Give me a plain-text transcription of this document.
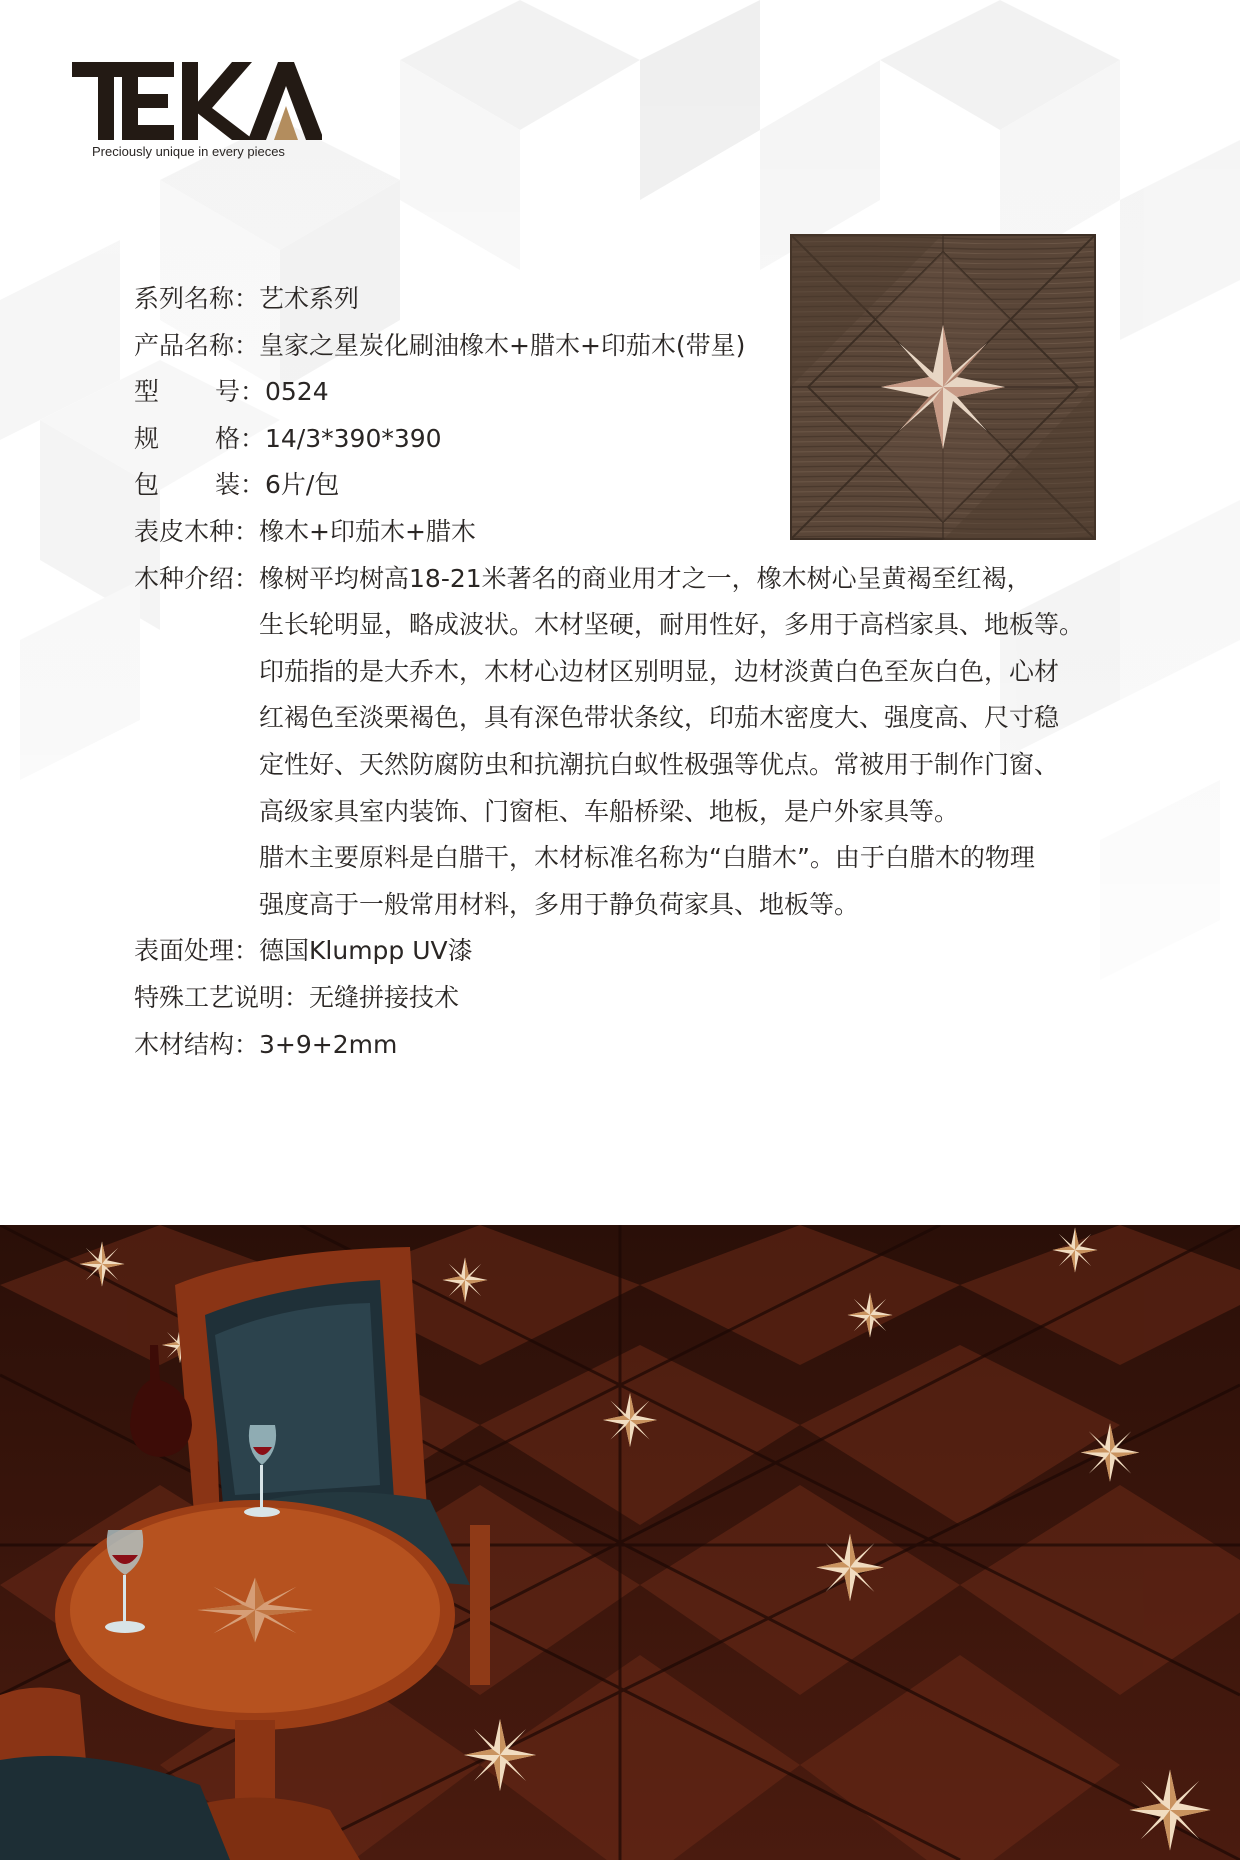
Preciously unique in every pieces
系列名称： 艺术系列
产品名称： 皇家之星炭化刷油橡木+腊木+印茄木(带星)
型 号： 0524
规 格： 14/3*390*390
包 装： 6片/包
表皮木种： 橡木+印茄木+腊木
木种介绍： 橡树平均树高18-21米著名的商业用才之一，橡木树心呈黄褐至红褐，
生长轮明显，略成波状。木材坚硬，耐用性好，多用于高档家具、地板等。
印茄指的是大乔木，木材心边材区别明显，边材淡黄白色至灰白色，心材
红褐色至淡栗褐色，具有深色带状条纹，印茄木密度大、强度高、尺寸稳
定性好、天然防腐防虫和抗潮抗白蚁性极强等优点。常被用于制作门窗、
高级家具室内装饰、门窗柜、车船桥梁、地板，是户外家具等。
腊木主要原料是白腊干，木材标准名称为“白腊木”。由于白腊木的物理
强度高于一般常用材料，多用于静负荷家具、地板等。
表面处理： 德国Klumpp UV漆
特殊工艺说明： 无缝拼接技术
木材结构： 3+9+2mm
